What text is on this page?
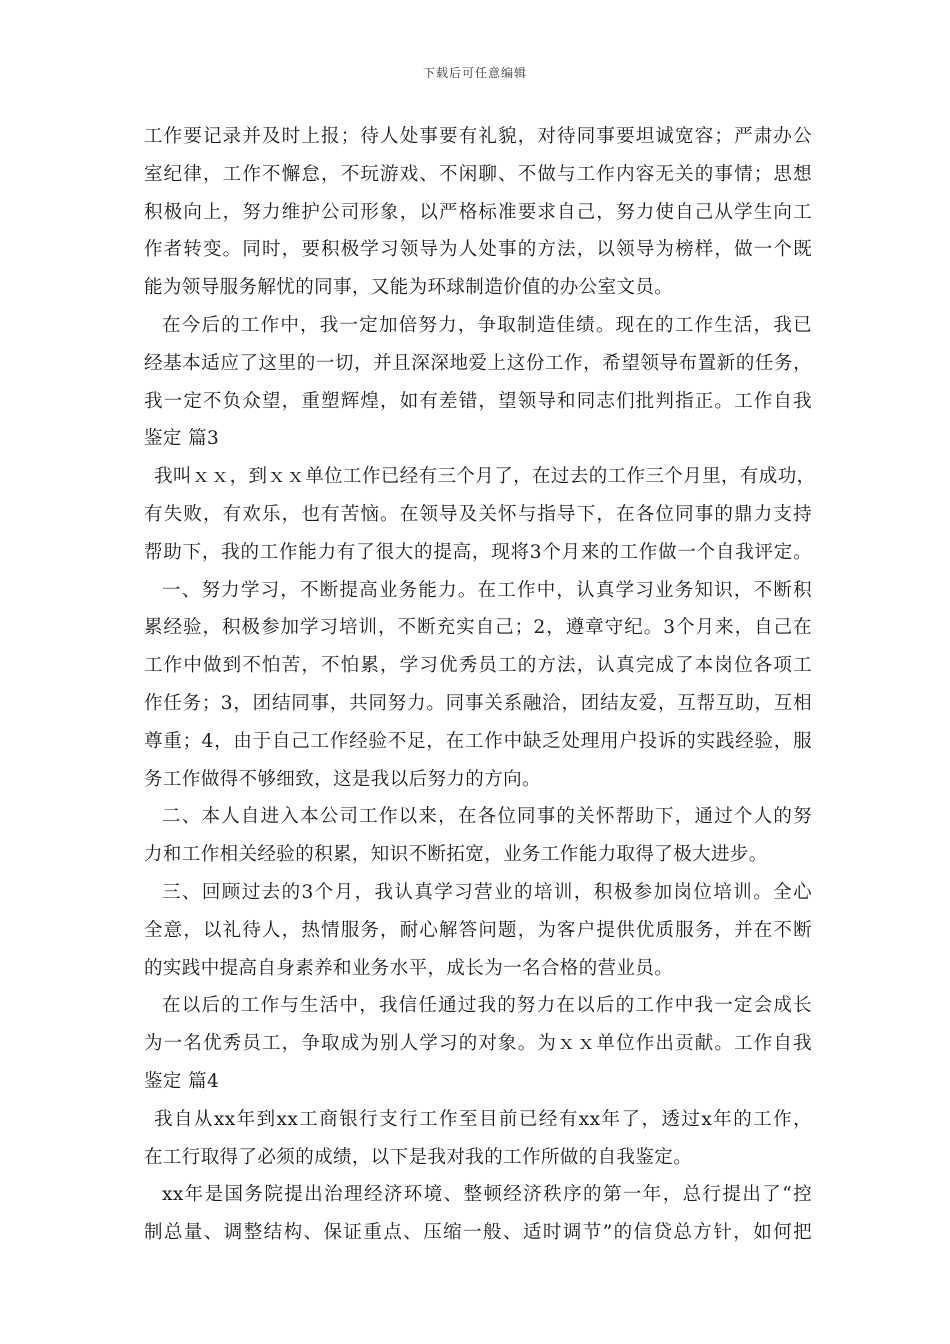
下载后可任意编辑
工作要记录并及时上报；待人处事要有礼貌，对待同事要坦诚宽容；严肃办公
室纪律，工作不懈怠，不玩游戏、不闲聊、不做与工作内容无关的事情；思想
积极向上，努力维护公司形象，以严格标准要求自己，努力使自己从学生向工
作者转变。同时，要积极学习领导为人处事的方法，以领导为榜样，做一个既
能为领导服务解忧的同事，又能为环球制造价值的办公室文员。
在今后的工作中，我一定加倍努力，争取制造佳绩。现在的工作生活，我已
经基本适应了这里的一切，并且深深地爱上这份工作，希望领导布置新的任务，
我一定不负众望，重塑辉煌，如有差错，望领导和同志们批判指正。工作自我
鉴定 篇3
我叫ｘｘ，到ｘｘ单位工作已经有三个月了，在过去的工作三个月里，有成功，
有失败，有欢乐，也有苦恼。在领导及关怀与指导下，在各位同事的鼎力支持
帮助下，我的工作能力有了很大的提高，现将3个月来的工作做一个自我评定。
一、努力学习，不断提高业务能力。在工作中，认真学习业务知识，不断积
累经验，积极参加学习培训，不断充实自己；2，遵章守纪。3个月来，自己在
工作中做到不怕苦，不怕累，学习优秀员工的方法，认真完成了本岗位各项工
作任务；3，团结同事，共同努力。同事关系融洽，团结友爱，互帮互助，互相
尊重；4，由于自己工作经验不足，在工作中缺乏处理用户投诉的实践经验，服
务工作做得不够细致，这是我以后努力的方向。
二、本人自进入本公司工作以来，在各位同事的关怀帮助下，通过个人的努
力和工作相关经验的积累，知识不断拓宽，业务工作能力取得了极大进步。
三、回顾过去的3个月，我认真学习营业的培训，积极参加岗位培训。全心
全意，以礼待人，热情服务，耐心解答问题，为客户提供优质服务，并在不断
的实践中提高自身素养和业务水平，成长为一名合格的营业员。
在以后的工作与生活中，我信任通过我的努力在以后的工作中我一定会成长
为一名优秀员工，争取成为别人学习的对象。为ｘｘ单位作出贡献。工作自我
鉴定 篇4
我自从xx年到xx工商银行支行工作至目前已经有xx年了，透过x年的工作，
在工行取得了必须的成绩，以下是我对我的工作所做的自我鉴定。
xx年是国务院提出治理经济环境、整顿经济秩序的第一年，总行提出了“控
制总量、调整结构、保证重点、压缩一般、适时调节”的信贷总方针，如何把
